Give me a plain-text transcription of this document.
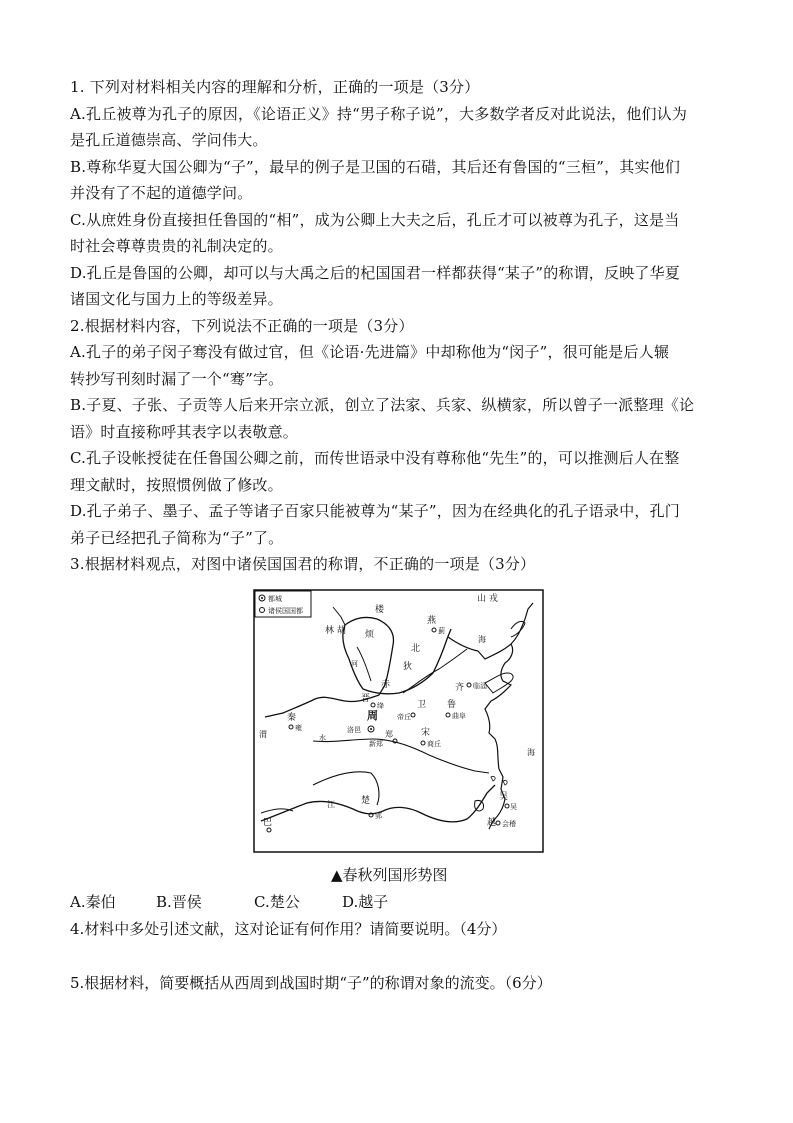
1. 下列对材料相关内容的理解和分析，正确的一项是（3分）
A.孔丘被尊为孔子的原因，《论语正义》持“男子称子说”，大多数学者反对此说法，他们认为
是孔丘道德崇高、学问伟大。
B.尊称华夏大国公卿为“子”，最早的例子是卫国的石碏，其后还有鲁国的“三桓”，其实他们
并没有了不起的道德学问。
C.从庶姓身份直接担任鲁国的“相”，成为公卿上大夫之后，孔丘才可以被尊为孔子，这是当
时社会尊尊贵贵的礼制决定的。
D.孔丘是鲁国的公卿，却可以与大禹之后的杞国国君一样都获得“某子”的称谓，反映了华夏
诸国文化与国力上的等级差异。
2.根据材料内容，下列说法不正确的一项是（3分）
A.孔子的弟子闵子骞没有做过官，但《论语·先进篇》中却称他为“闵子”，很可能是后人辗
转抄写刊刻时漏了一个“骞”字。
B.子夏、子张、子贡等人后来开宗立派，创立了法家、兵家、纵横家，所以曾子一派整理《论
语》时直接称呼其表字以表敬意。
C.孔子设帐授徒在任鲁国公卿之前，而传世语录中没有尊称他“先生”的，可以推测后人在整
理文献时，按照惯例做了修改。
D.孔子弟子、墨子、孟子等诸子百家只能被尊为“某子”，因为在经典化的孔子语录中，孔门
弟子已经把孔子简称为“子”了。
3.根据材料观点，对图中诸侯国国君的称谓，不正确的一项是（3分）
都城
诸侯国国都
山 戎
楼
林 胡 烦
燕
蓟
北
狄
赤
河
海
齐 临淄
晋
绛	卫
帝丘
鲁
曲阜
秦
雍
周
洛邑	郑
新郑
宋
商丘
渭	水
海
吴
吴
江	楚
郢
巴	越 会稽
▲春秋列国形势图
A.秦伯	B.晋侯	C.楚公	D.越子
4.材料中多处引述文献，这对论证有何作用？请简要说明。（4分）
5.根据材料，简要概括从西周到战国时期“子”的称谓对象的流变。（6分）
